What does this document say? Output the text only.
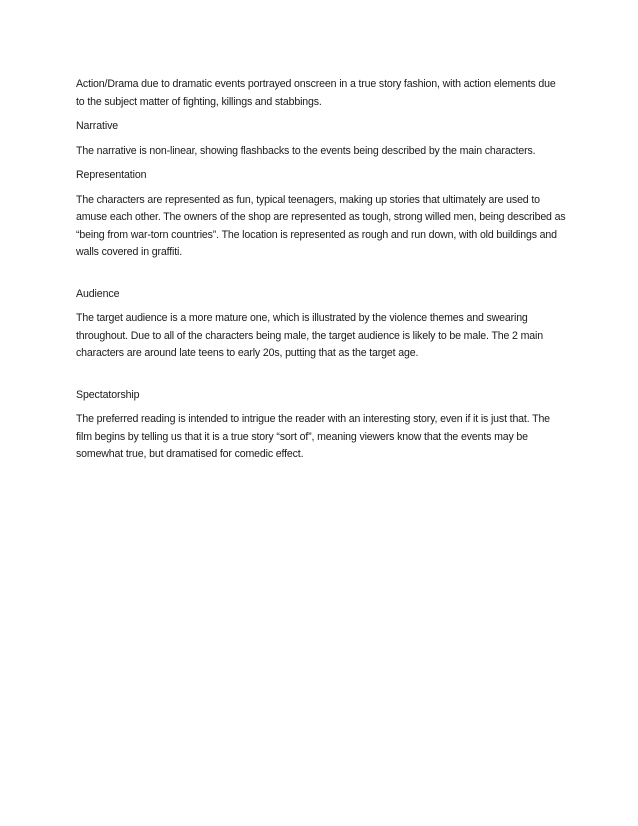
Action/Drama due to dramatic events portrayed onscreen in a true story fashion, with action elements due to the subject matter of fighting, killings and stabbings.

Narrative

The narrative is non-linear, showing flashbacks to the events being described by the main characters.

Representation

The characters are represented as fun, typical teenagers, making up stories that ultimately are used to amuse each other. The owners of the shop are represented as tough, strong willed men, being described as “being from war-torn countries”. The location is represented as rough and run down, with old buildings and walls covered in graffiti.

Audience

The target audience is a more mature one, which is illustrated by the violence themes and swearing throughout. Due to all of the characters being male, the target audience is likely to be male. The 2 main characters are around late teens to early 20s, putting that as the target age.

Spectatorship

The preferred reading is intended to intrigue the reader with an interesting story, even if it is just that. The film begins by telling us that it is a true story “sort of”, meaning viewers know that the events may be somewhat true, but dramatised for comedic effect.
